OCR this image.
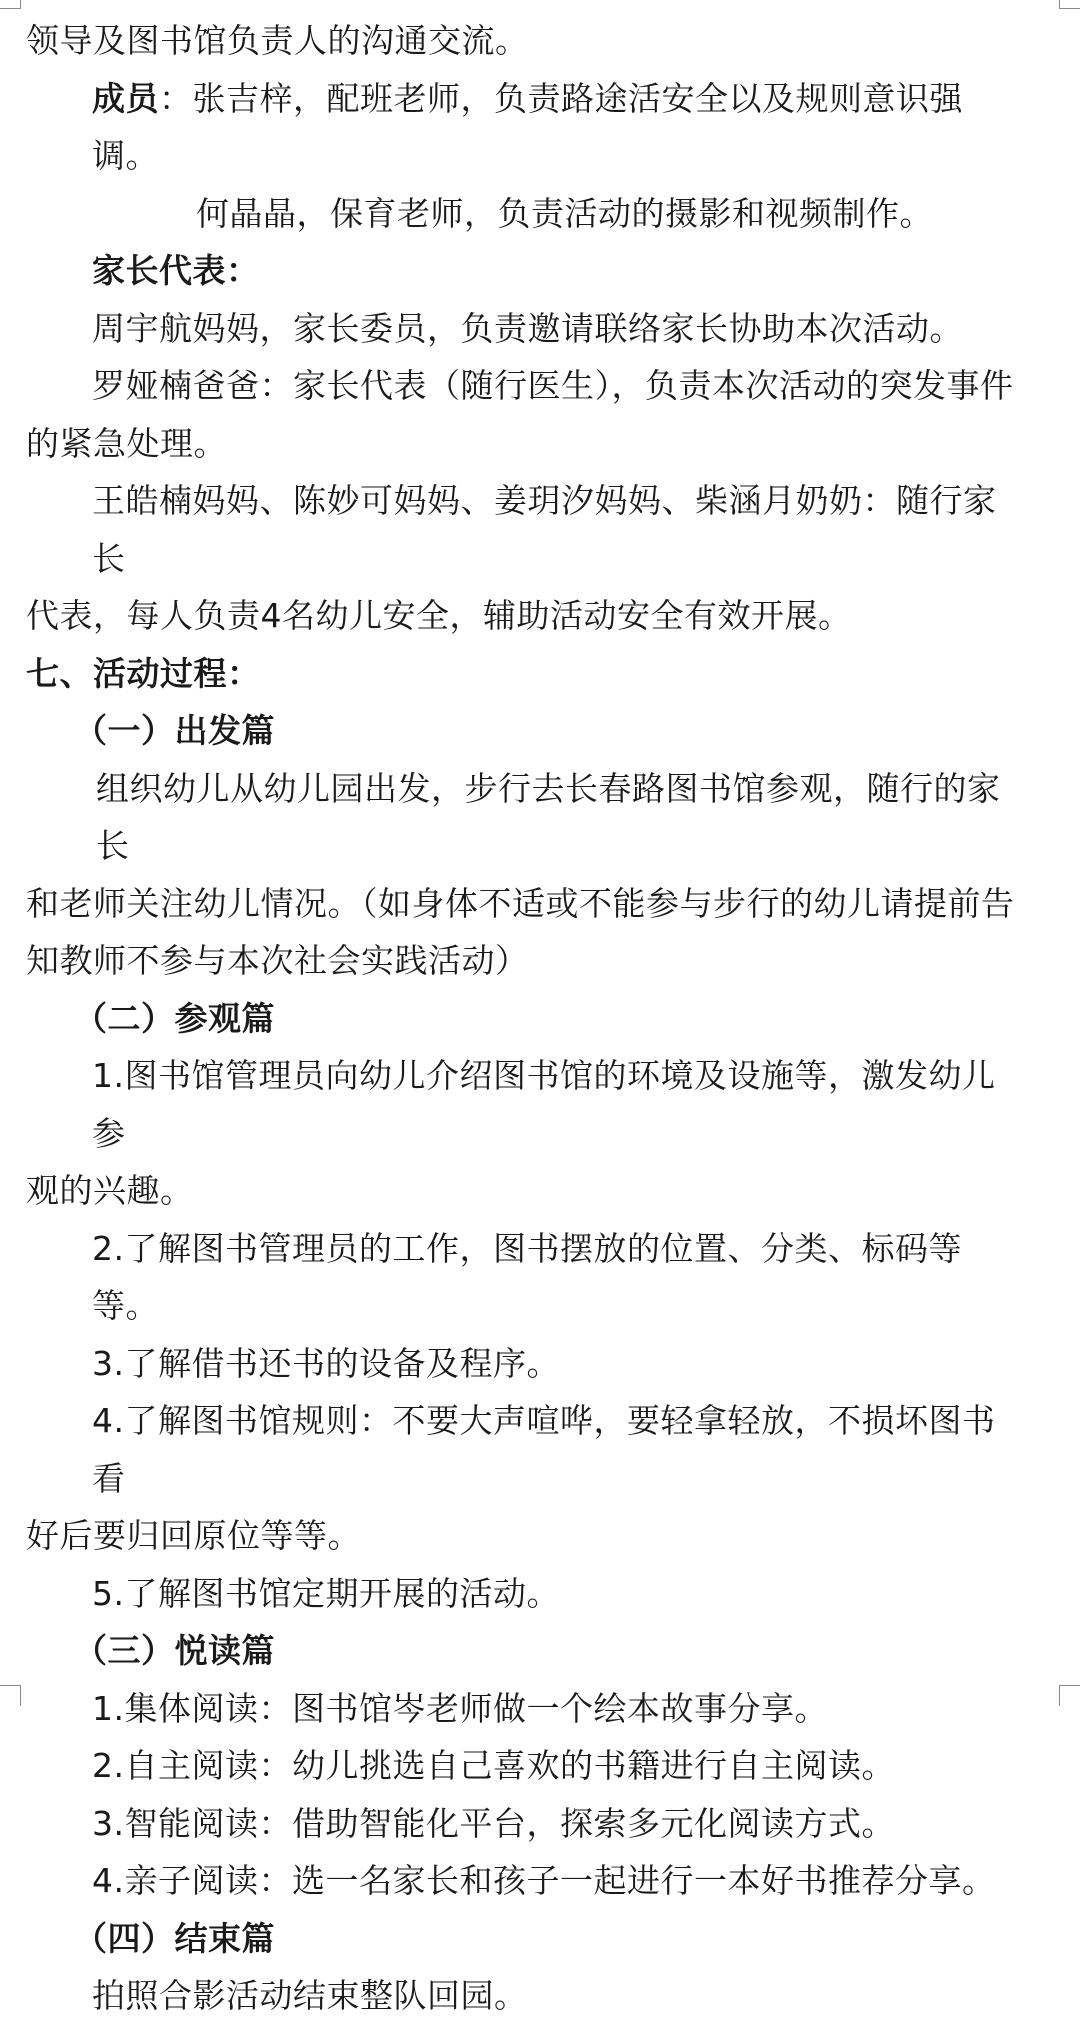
领导及图书馆负责人的沟通交流。

成员：张吉梓，配班老师，负责路途活安全以及规则意识强调。

何晶晶，保育老师，负责活动的摄影和视频制作。

家长代表：

周宇航妈妈，家长委员，负责邀请联络家长协助本次活动。

罗娅楠爸爸：家长代表（随行医生），负责本次活动的突发事件

的紧急处理。

王皓楠妈妈、陈妙可妈妈、姜玥汐妈妈、柴涵月奶奶：随行家长

代表，每人负责4名幼儿安全，辅助活动安全有效开展。

七、活动过程：

（一）出发篇

组织幼儿从幼儿园出发，步行去长春路图书馆参观，随行的家长

和老师关注幼儿情况。（如身体不适或不能参与步行的幼儿请提前告

知教师不参与本次社会实践活动）

（二）参观篇

1.图书馆管理员向幼儿介绍图书馆的环境及设施等，激发幼儿参

观的兴趣。

2.了解图书管理员的工作，图书摆放的位置、分类、标码等等。

3.了解借书还书的设备及程序。

4.了解图书馆规则：不要大声喧哗，要轻拿轻放，不损坏图书看

好后要归回原位等等。

5.了解图书馆定期开展的活动。

（三）悦读篇

1.集体阅读：图书馆岑老师做一个绘本故事分享。

2.自主阅读：幼儿挑选自己喜欢的书籍进行自主阅读。

3.智能阅读：借助智能化平台，探索多元化阅读方式。

4.亲子阅读：选一名家长和孩子一起进行一本好书推荐分享。

（四）结束篇

拍照合影活动结束整队回园。
